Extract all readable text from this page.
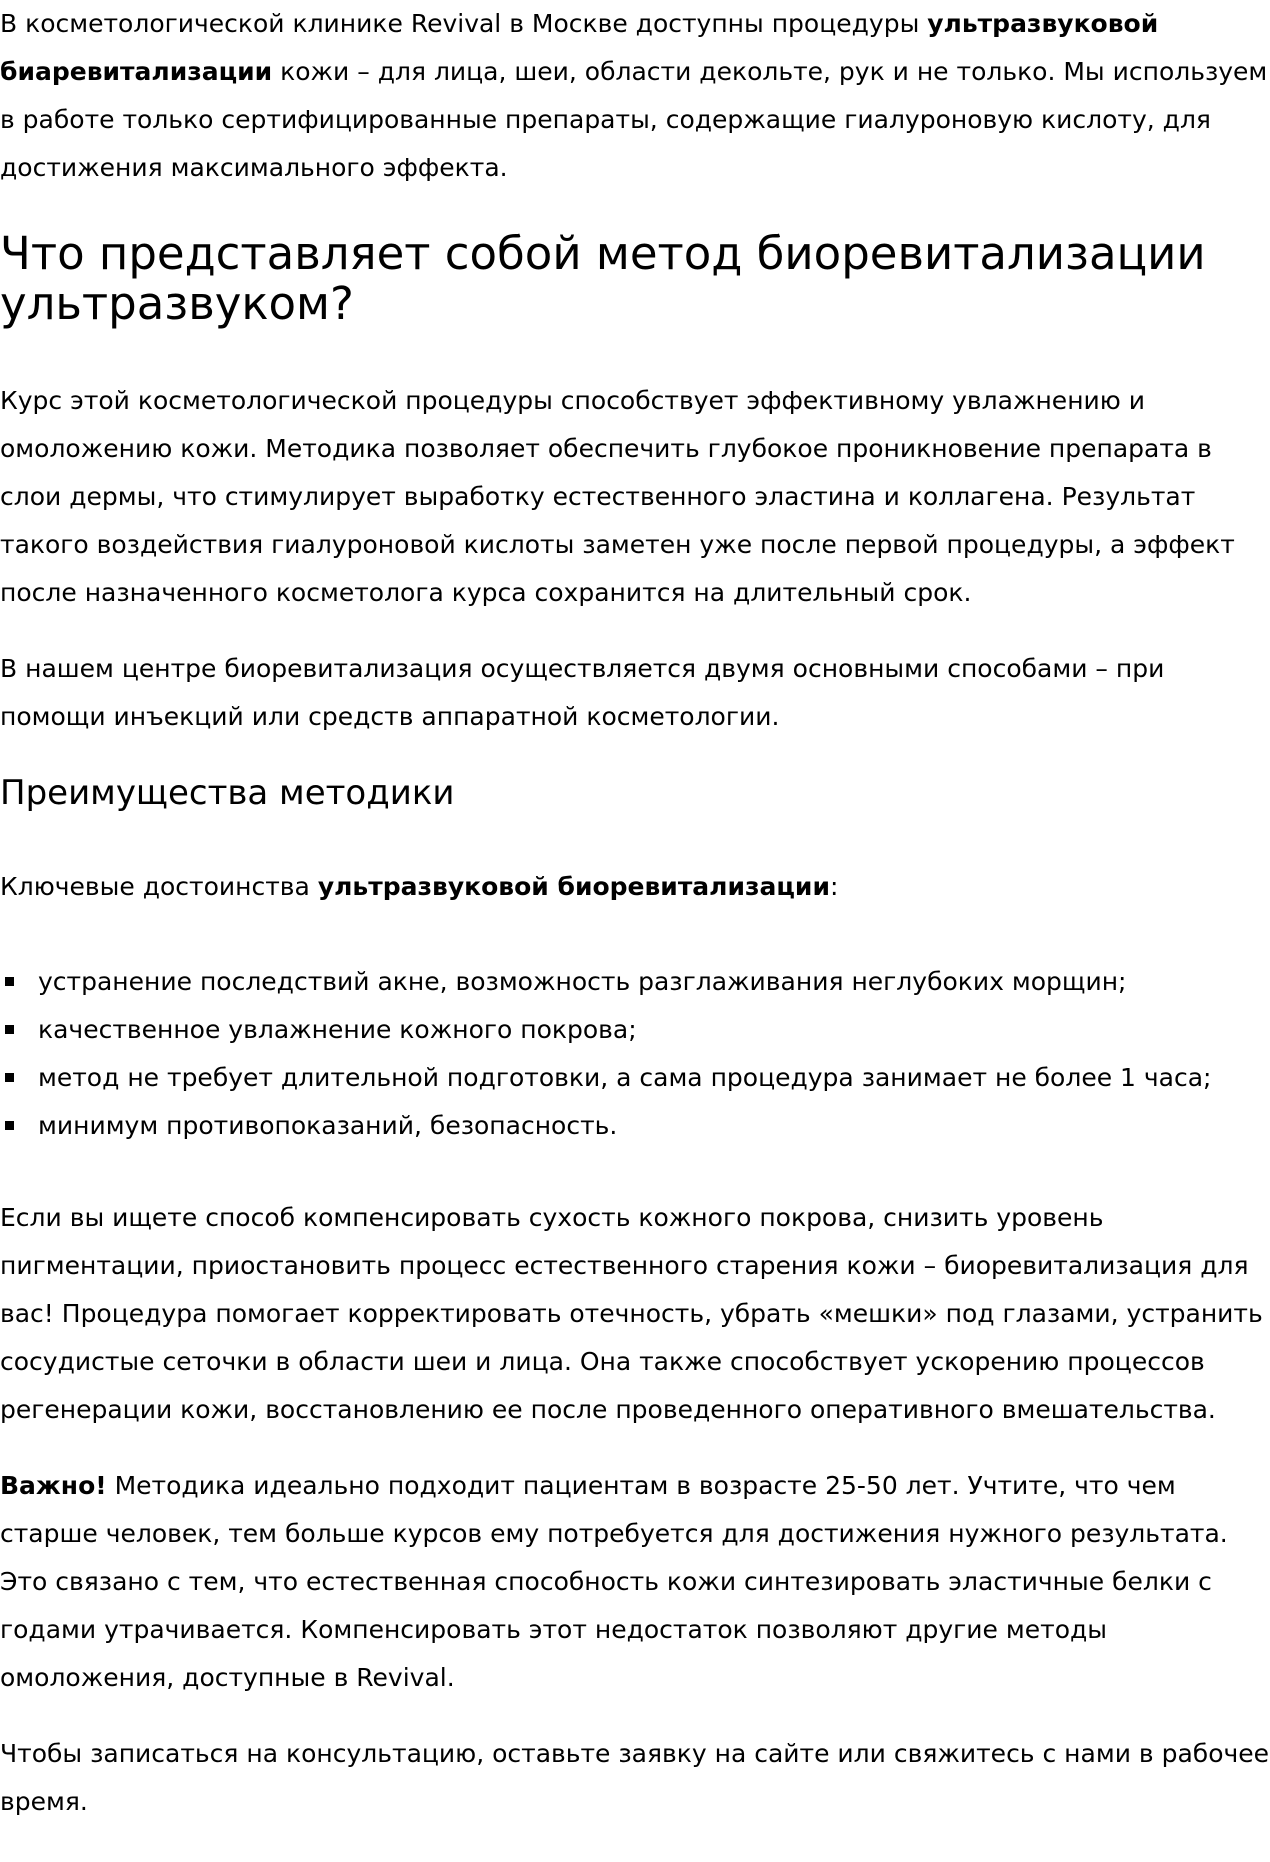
В косметологической клинике Revival в Москве доступны процедуры ультразвуковой биаревитализации кожи – для лица, шеи, области декольте, рук и не только. Мы используем в работе только сертифицированные препараты, содержащие гиалуроновую кислоту, для достижения максимального эффекта.

Что представляет собой метод биоревитализации ультразвуком?

Курс этой косметологической процедуры способствует эффективному увлажнению и омоложению кожи. Методика позволяет обеспечить глубокое проникновение препарата в слои дермы, что стимулирует выработку естественного эластина и коллагена. Результат такого воздействия гиалуроновой кислоты заметен уже после первой процедуры, а эффект после назначенного косметолога курса сохранится на длительный срок.

В нашем центре биоревитализация осуществляется двумя основными способами – при помощи инъекций или средств аппаратной косметологии.

Преимущества методики

Ключевые достоинства ультразвуковой биоревитализации:

устранение последствий акне, возможность разглаживания неглубоких морщин;
качественное увлажнение кожного покрова;
метод не требует длительной подготовки, а сама процедура занимает не более 1 часа;
минимум противопоказаний, безопасность.

Если вы ищете способ компенсировать сухость кожного покрова, снизить уровень пигментации, приостановить процесс естественного старения кожи – биоревитализация для вас! Процедура помогает корректировать отечность, убрать «мешки» под глазами, устранить сосудистые сеточки в области шеи и лица. Она также способствует ускорению процессов регенерации кожи, восстановлению ее после проведенного оперативного вмешательства.

Важно! Методика идеально подходит пациентам в возрасте 25-50 лет. Учтите, что чем старше человек, тем больше курсов ему потребуется для достижения нужного результата. Это связано с тем, что естественная способность кожи синтезировать эластичные белки с годами утрачивается. Компенсировать этот недостаток позволяют другие методы омоложения, доступные в Revival.

Чтобы записаться на консультацию, оставьте заявку на сайте или свяжитесь с нами в рабочее время.
